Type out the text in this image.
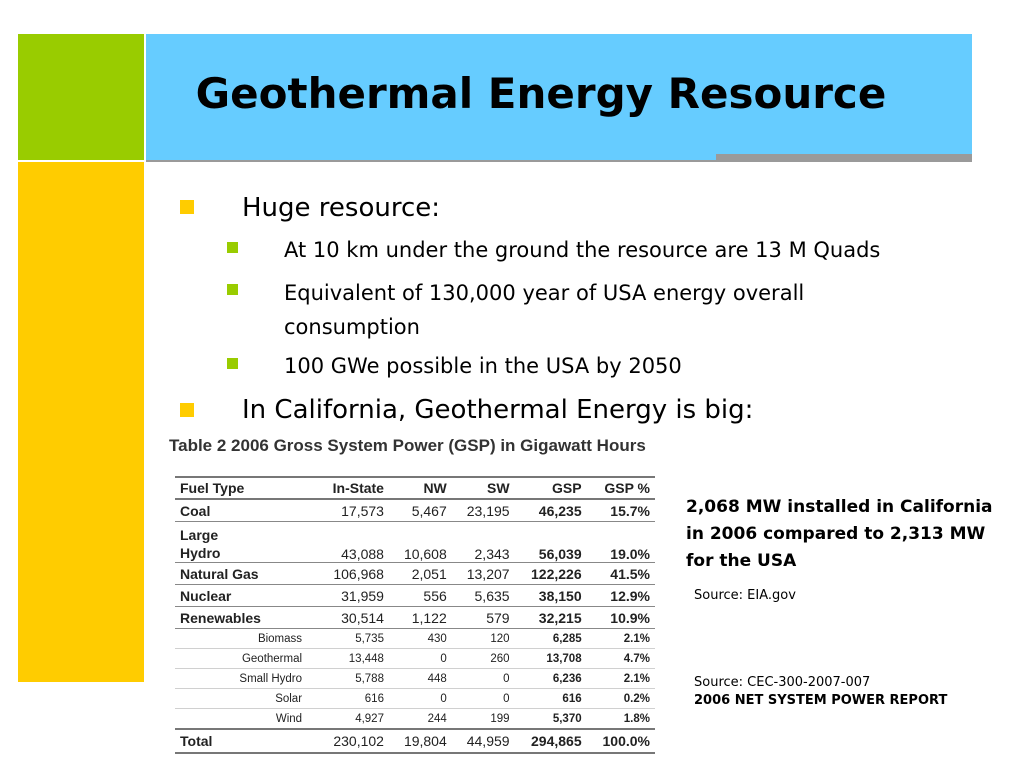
Geothermal Energy Resource
Huge resource:
At 10 km under the ground the resource are 13 M Quads
Equivalent of 130,000 year of USA energy overall consumption
100 GWe possible in the USA by 2050
In California, Geothermal Energy is big:
Table 2 2006 Gross System Power (GSP) in Gigawatt Hours
Fuel Type	In-State	NW	SW	GSP	GSP %
Coal	17,573	5,467	23,195	46,235	15.7%

Large Hydro	43,088	10,608	2,343	56,039	19.0%
Natural Gas	106,968	2,051	13,207	122,226	41.5%
Nuclear	31,959	556	5,635	38,150	12.9%
Renewables	30,514	1,122	579	32,215	10.9%
Biomass	5,735	430	120	6,285	2.1%
Geothermal	13,448	0	260	13,708	4.7%
Small Hydro	5,788	448	0	6,236	2.1%
Solar	616	0	0	616	0.2%
Wind	4,927	244	199	5,370	1.8%
Total	230,102	19,804	44,959	294,865	100.0%
2,068 MW installed in California in 2006 compared to 2,313 MW for the USA
Source: EIA.gov
Source: CEC-300-2007-007
2006 NET SYSTEM POWER REPORT
